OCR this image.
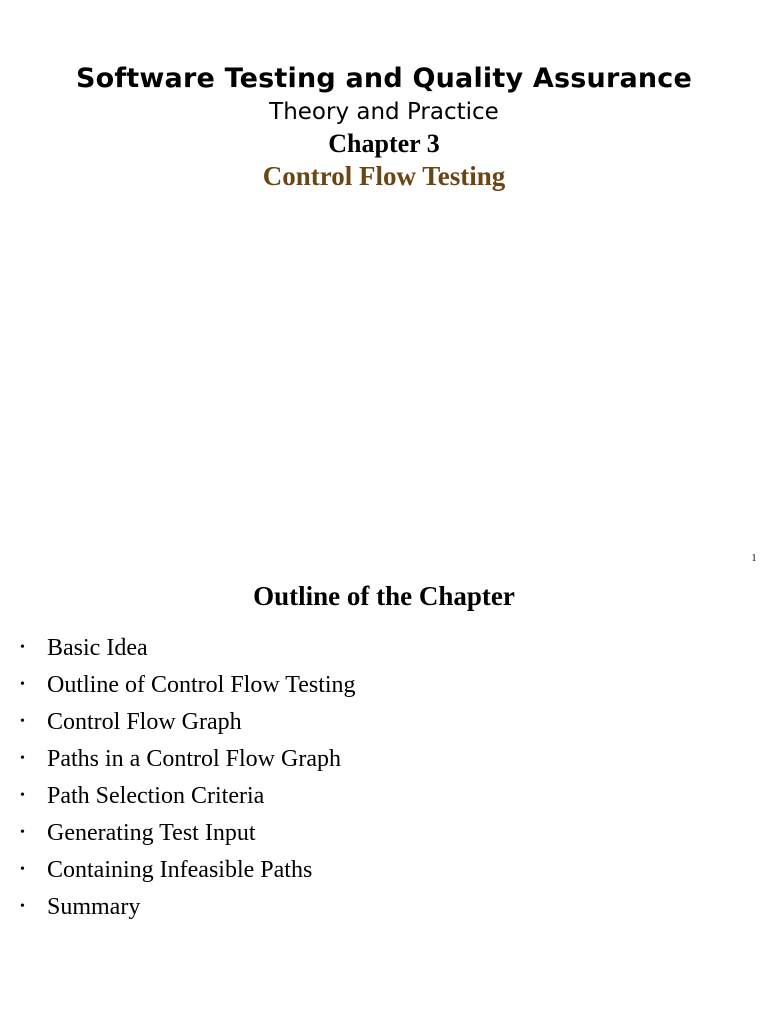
Software Testing and Quality Assurance
Theory and Practice
Chapter 3
Control Flow Testing
1
Outline of the Chapter
• Basic Idea
• Outline of Control Flow Testing
• Control Flow Graph
• Paths in a Control Flow Graph
• Path Selection Criteria
• Generating Test Input
• Containing Infeasible Paths
• Summary
